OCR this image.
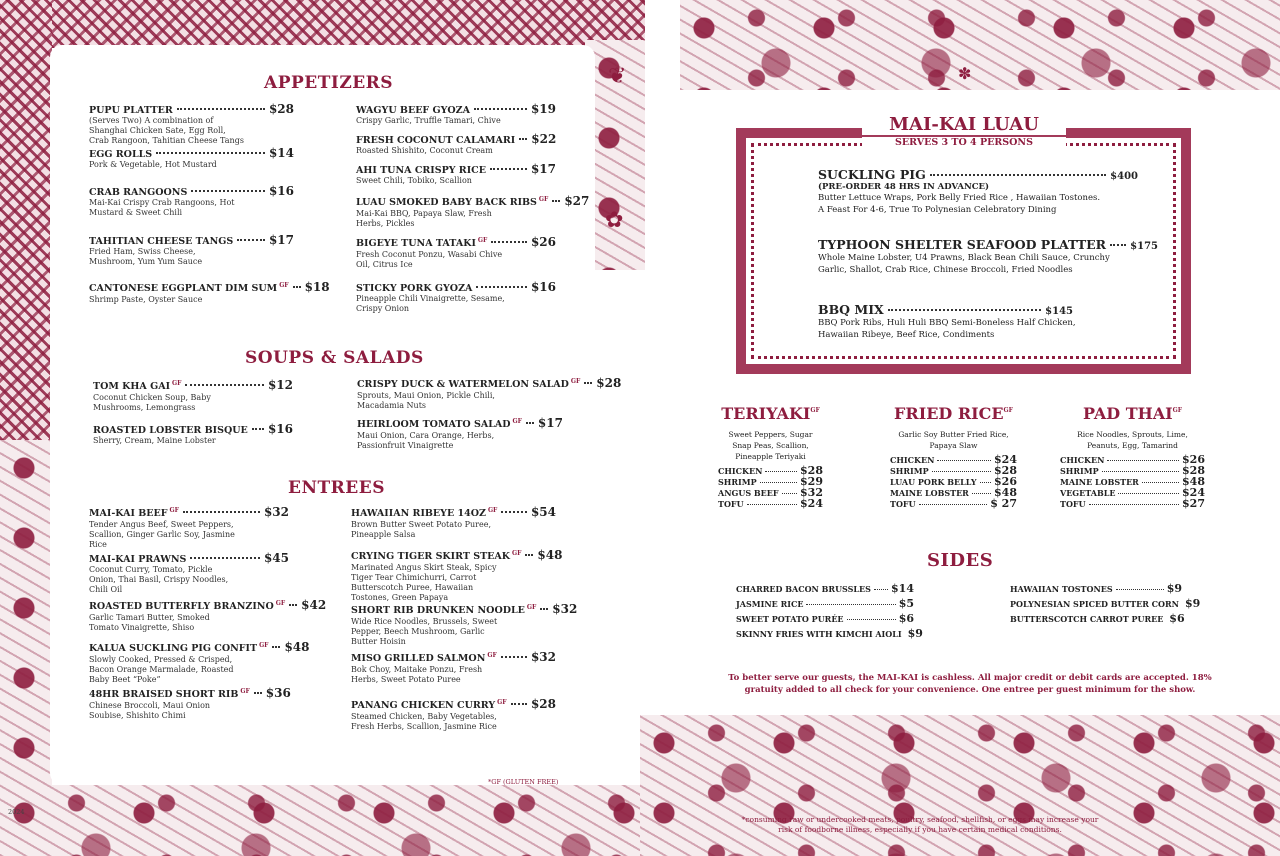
✿
❦	✽
APPETIZERS
PUPU PLATTER	$28
(Serves Two) A combination of Shanghai Chicken Sate, Egg Roll, Crab Rangoon, Tahitian Cheese Tangs
EGG ROLLS	$14
Pork & Vegetable, Hot Mustard
CRAB RANGOONS	$16
Mai-Kai Crispy Crab Rangoons, Hot Mustard & Sweet Chili
TAHITIAN CHEESE TANGS	$17
Fried Ham, Swiss Cheese, Mushroom, Yum Yum Sauce
CANTONESE EGGPLANT DIM SUM GF $18
Shrimp Paste, Oyster Sauce
WAGYU BEEF GYOZA	$19
Crispy Garlic, Truffle Tamari, Chive
FRESH COCONUT CALAMARI $22
Roasted Shishito, Coconut Cream
AHI TUNA CRISPY RICE	$17
Sweet Chili, Tobiko, Scallion
LUAU SMOKED BABY BACK RIBS GF $27
Mai-Kai BBQ, Papaya Slaw, Fresh Herbs, Pickles
BIGEYE TUNA TATAKI GF	$26
Fresh Coconut Ponzu, Wasabi Chive Oil, Citrus Ice
STICKY PORK GYOZA	$16
Pineapple Chili Vinaigrette, Sesame, Crispy Onion
SOUPS & SALADS
TOM KHA GAI GF	$12
Coconut Chicken Soup, Baby Mushrooms, Lemongrass
ROASTED LOBSTER BISQUE $16
Sherry, Cream, Maine Lobster
CRISPY DUCK & WATERMELON SALAD GF $28
Sprouts, Maui Onion, Pickle Chili, Macadamia Nuts
HEIRLOOM TOMATO SALAD GF $17
Maui Onion, Cara Orange, Herbs, Passionfruit Vinaigrette
ENTREES
MAI-KAI BEEF GF	$32
Tender Angus Beef, Sweet Peppers, Scallion, Ginger Garlic Soy, Jasmine Rice
MAI-KAI PRAWNS	$45
Coconut Curry, Tomato, Pickle Onion, Thai Basil, Crispy Noodles, Chili Oil
ROASTED BUTTERFLY BRANZINO GF $42
Garlic Tamari Butter, Smoked Tomato Vinaigrette, Shiso
KALUA SUCKLING PIG CONFIT GF $48
Slowly Cooked, Pressed & Crisped, Bacon Orange Marmalade, Roasted Baby Beet “Poke”
48HR BRAISED SHORT RIB GF $36
Chinese Broccoli, Maui Onion Soubise, Shishito Chimi
HAWAIIAN RIBEYE 14OZ GF	$54
Brown Butter Sweet Potato Puree, Pineapple Salsa
CRYING TIGER SKIRT STEAK GF $48
Marinated Angus Skirt Steak, Spicy Tiger Tear Chimichurri, Carrot Butterscotch Puree, Hawaiian Tostones, Green Papaya
SHORT RIB DRUNKEN NOODLE GF $32
Wide Rice Noodles, Brussels, Sweet Pepper, Beech Mushroom, Garlic Butter Hoisin
MISO GRILLED SALMON GF	$32
Bok Choy, Maitake Ponzu, Fresh Herbs, Sweet Potato Puree
PANANG CHICKEN CURRY GF $28
Steamed Chicken, Baby Vegetables, Fresh Herbs, Scallion, Jasmine Rice
*GF (GLUTEN FREE)
2024
MAI-KAI LUAU
SERVES 3 TO 4 PERSONS
SUCKLING PIG	$400
(PRE-ORDER 48 HRS IN ADVANCE)
Butter Lettuce Wraps, Pork Belly Fried Rice , Hawaiian Tostones.
A Feast For 4-6, True To Polynesian Celebratory Dining
TYPHOON SHELTER SEAFOOD PLATTER $175
Whole Maine Lobster, U4 Prawns, Black Bean Chili Sauce, Crunchy
Garlic, Shallot, Crab Rice, Chinese Broccoli, Fried Noodles
BBQ MIX	$145
BBQ Pork Ribs, Huli Huli BBQ Semi-Boneless Half Chicken,
Hawaiian Ribeye, Beef Rice, Condiments
$TERIYAKI^{GF}$
Sweet Peppers, Sugar Snap Peas, Scallion, Pineapple Teriyaki
CHICKEN	$28
SHRIMP	$29
ANGUS BEEF $32
TOFU	$24
FRIED $RICE^{GF}$
Garlic Soy Butter Fried Rice, Papaya Slaw
CHICKEN	$24
SHRIMP	$28
LUAU PORK BELLY $26
MAINE LOBSTER $48
TOFU	$ 27
PAD $THAI^{GF}$
Rice Noodles, Sprouts, Lime, Peanuts, Egg, Tamarind
CHICKEN	$26
SHRIMP	$28
MAINE LOBSTER	$48
VEGETABLE	$24
TOFU	$27
SIDES
CHARRED BACON BRUSSLES $14
JASMINE RICE	$5
SWEET POTATO PURÉE	$6
SKINNY FRIES WITH KIMCHI AIOLI $9
HAWAIIAN TOSTONES	$9
POLYNESIAN SPICED BUTTER CORN $9
BUTTERSCOTCH CARROT PUREE $6
To better serve our guests, the MAI-KAI is cashless. All major credit or debit cards are accepted. 18% gratuity added to all check for your convenience. One entree per guest minimum for the show.
*consuming raw or undercooked meats, poultry, seafood, shellfish, or eggs may increase your risk of foodborne illness, especially if you have certain medical conditions.
